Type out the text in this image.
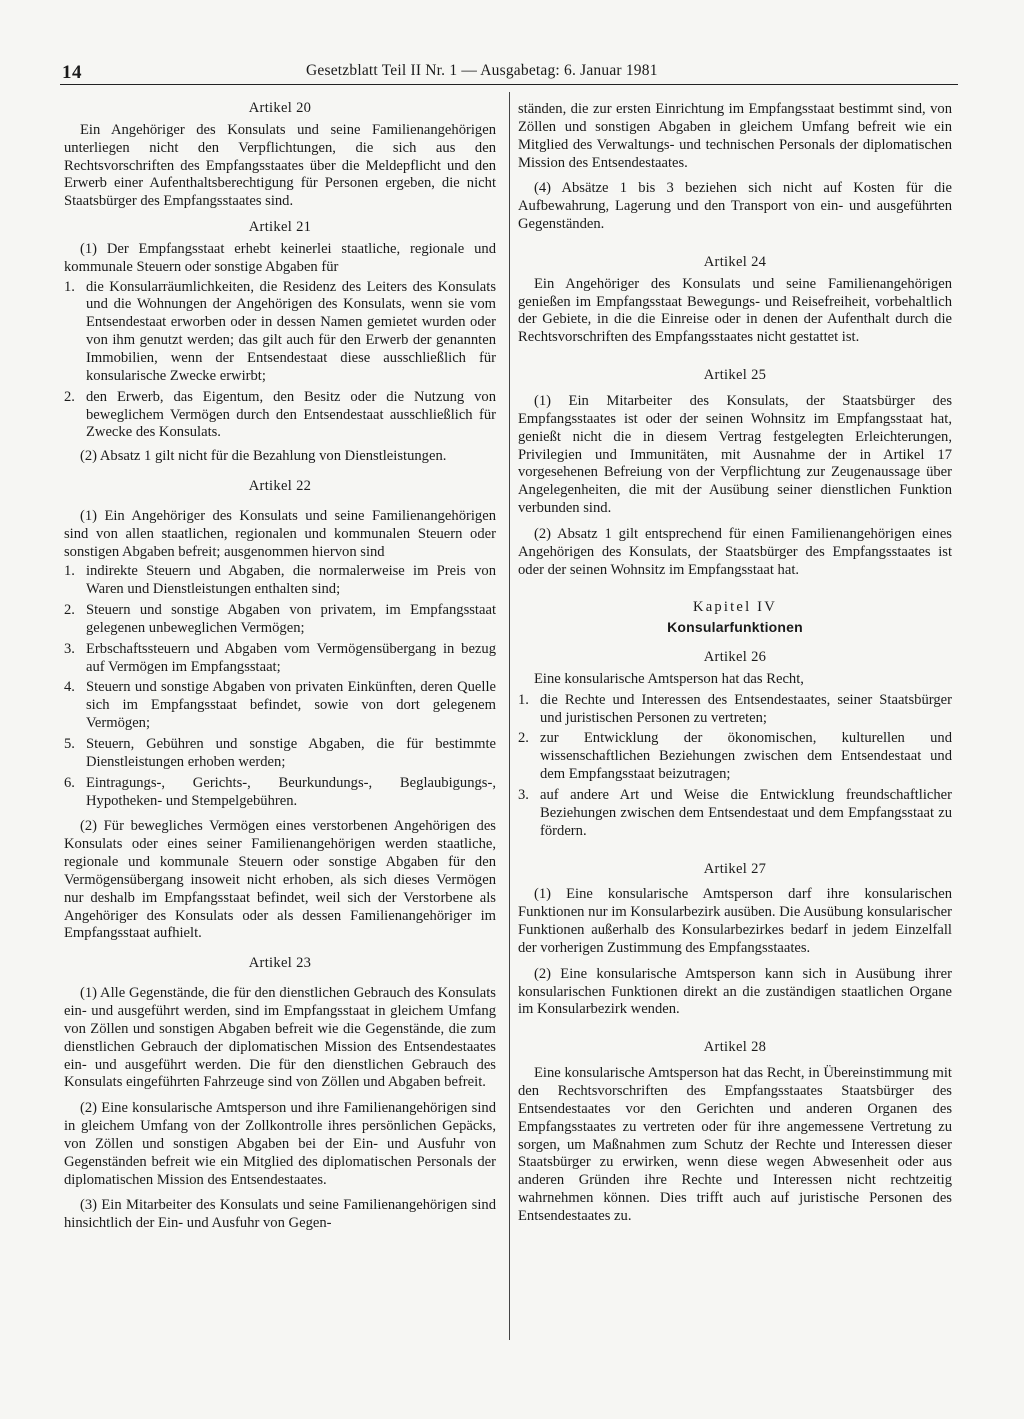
14	Gesetzblatt Teil II Nr. 1 — Ausgabetag: 6. Januar 1981
Artikel 20
Ein Angehöriger des Konsulats und seine Familienangehörigen unterliegen nicht den Verpflichtungen, die sich aus den Rechtsvorschriften des Empfangsstaates über die Meldepflicht und den Erwerb einer Aufenthaltsberechtigung für Personen ergeben, die nicht Staatsbürger des Empfangsstaates sind.
Artikel 21
(1) Der Empfangsstaat erhebt keinerlei staatliche, regionale und kommunale Steuern oder sonstige Abgaben für
1. die Konsularräumlichkeiten, die Residenz des Leiters des Konsulats und die Wohnungen der Angehörigen des Konsulats, wenn sie vom Entsendestaat erworben oder in dessen Namen gemietet wurden oder von ihm genutzt werden; das gilt auch für den Erwerb der genannten Immobilien, wenn der Entsendestaat diese ausschließlich für konsularische Zwecke erwirbt;
2. den Erwerb, das Eigentum, den Besitz oder die Nutzung von beweglichem Vermögen durch den Entsendestaat ausschließlich für Zwecke des Konsulats.
(2) Absatz 1 gilt nicht für die Bezahlung von Dienstleistungen.
Artikel 22
(1) Ein Angehöriger des Konsulats und seine Familienangehörigen sind von allen staatlichen, regionalen und kommunalen Steuern oder sonstigen Abgaben befreit; ausgenommen hiervon sind
1. indirekte Steuern und Abgaben, die normalerweise im Preis von Waren und Dienstleistungen enthalten sind;
2. Steuern und sonstige Abgaben von privatem, im Empfangsstaat gelegenen unbeweglichen Vermögen;
3. Erbschaftssteuern und Abgaben vom Vermögensübergang in bezug auf Vermögen im Empfangsstaat;
4. Steuern und sonstige Abgaben von privaten Einkünften, deren Quelle sich im Empfangsstaat befindet, sowie von dort gelegenem Vermögen;
5. Steuern, Gebühren und sonstige Abgaben, die für bestimmte Dienstleistungen erhoben werden;
6. Eintragungs-, Gerichts-, Beurkundungs-, Beglaubigungs-, Hypotheken- und Stempelgebühren.
(2) Für bewegliches Vermögen eines verstorbenen Angehörigen des Konsulats oder eines seiner Familienangehörigen werden staatliche, regionale und kommunale Steuern oder sonstige Abgaben für den Vermögensübergang insoweit nicht erhoben, als sich dieses Vermögen nur deshalb im Empfangsstaat befindet, weil sich der Verstorbene als Angehöriger des Konsulats oder als dessen Familienangehöriger im Empfangsstaat aufhielt.
Artikel 23
(1) Alle Gegenstände, die für den dienstlichen Gebrauch des Konsulats ein- und ausgeführt werden, sind im Empfangsstaat in gleichem Umfang von Zöllen und sonstigen Abgaben befreit wie die Gegenstände, die zum dienstlichen Gebrauch der diplomatischen Mission des Entsendestaates ein- und ausgeführt werden. Die für den dienstlichen Gebrauch des Konsulats eingeführten Fahrzeuge sind von Zöllen und Abgaben befreit.
(2) Eine konsularische Amtsperson und ihre Familienangehörigen sind in gleichem Umfang von der Zollkontrolle ihres persönlichen Gepäcks, von Zöllen und sonstigen Abgaben bei der Ein- und Ausfuhr von Gegenständen befreit wie ein Mitglied des diplomatischen Personals der diplomatischen Mission des Entsendestaates.
(3) Ein Mitarbeiter des Konsulats und seine Familienangehörigen sind hinsichtlich der Ein- und Ausfuhr von Gegen-
ständen, die zur ersten Einrichtung im Empfangsstaat bestimmt sind, von Zöllen und sonstigen Abgaben in gleichem Umfang befreit wie ein Mitglied des Verwaltungs- und technischen Personals der diplomatischen Mission des Entsendestaates.
(4) Absätze 1 bis 3 beziehen sich nicht auf Kosten für die Aufbewahrung, Lagerung und den Transport von ein- und ausgeführten Gegenständen.
Artikel 24
Ein Angehöriger des Konsulats und seine Familienangehörigen genießen im Empfangsstaat Bewegungs- und Reisefreiheit, vorbehaltlich der Gebiete, in die die Einreise oder in denen der Aufenthalt durch die Rechtsvorschriften des Empfangsstaates nicht gestattet ist.
Artikel 25
(1) Ein Mitarbeiter des Konsulats, der Staatsbürger des Empfangsstaates ist oder der seinen Wohnsitz im Empfangsstaat hat, genießt nicht die in diesem Vertrag festgelegten Erleichterungen, Privilegien und Immunitäten, mit Ausnahme der in Artikel 17 vorgesehenen Befreiung von der Verpflichtung zur Zeugenaussage über Angelegenheiten, die mit der Ausübung seiner dienstlichen Funktion verbunden sind.
(2) Absatz 1 gilt entsprechend für einen Familienangehörigen eines Angehörigen des Konsulats, der Staatsbürger des Empfangsstaates ist oder der seinen Wohnsitz im Empfangsstaat hat.
Kapitel IV
Konsularfunktionen
Artikel 26
Eine konsularische Amtsperson hat das Recht,
1. die Rechte und Interessen des Entsendestaates, seiner Staatsbürger und juristischen Personen zu vertreten;
2. zur Entwicklung der ökonomischen, kulturellen und wissenschaftlichen Beziehungen zwischen dem Entsendestaat und dem Empfangsstaat beizutragen;
3. auf andere Art und Weise die Entwicklung freundschaftlicher Beziehungen zwischen dem Entsendestaat und dem Empfangsstaat zu fördern.
Artikel 27
(1) Eine konsularische Amtsperson darf ihre konsularischen Funktionen nur im Konsularbezirk ausüben. Die Ausübung konsularischer Funktionen außerhalb des Konsularbezirkes bedarf in jedem Einzelfall der vorherigen Zustimmung des Empfangsstaates.
(2) Eine konsularische Amtsperson kann sich in Ausübung ihrer konsularischen Funktionen direkt an die zuständigen staatlichen Organe im Konsularbezirk wenden.
Artikel 28
Eine konsularische Amtsperson hat das Recht, in Übereinstimmung mit den Rechtsvorschriften des Empfangsstaates Staatsbürger des Entsendestaates vor den Gerichten und anderen Organen des Empfangsstaates zu vertreten oder für ihre angemessene Vertretung zu sorgen, um Maßnahmen zum Schutz der Rechte und Interessen dieser Staatsbürger zu erwirken, wenn diese wegen Abwesenheit oder aus anderen Gründen ihre Rechte und Interessen nicht rechtzeitig wahrnehmen können. Dies trifft auch auf juristische Personen des Entsendestaates zu.
